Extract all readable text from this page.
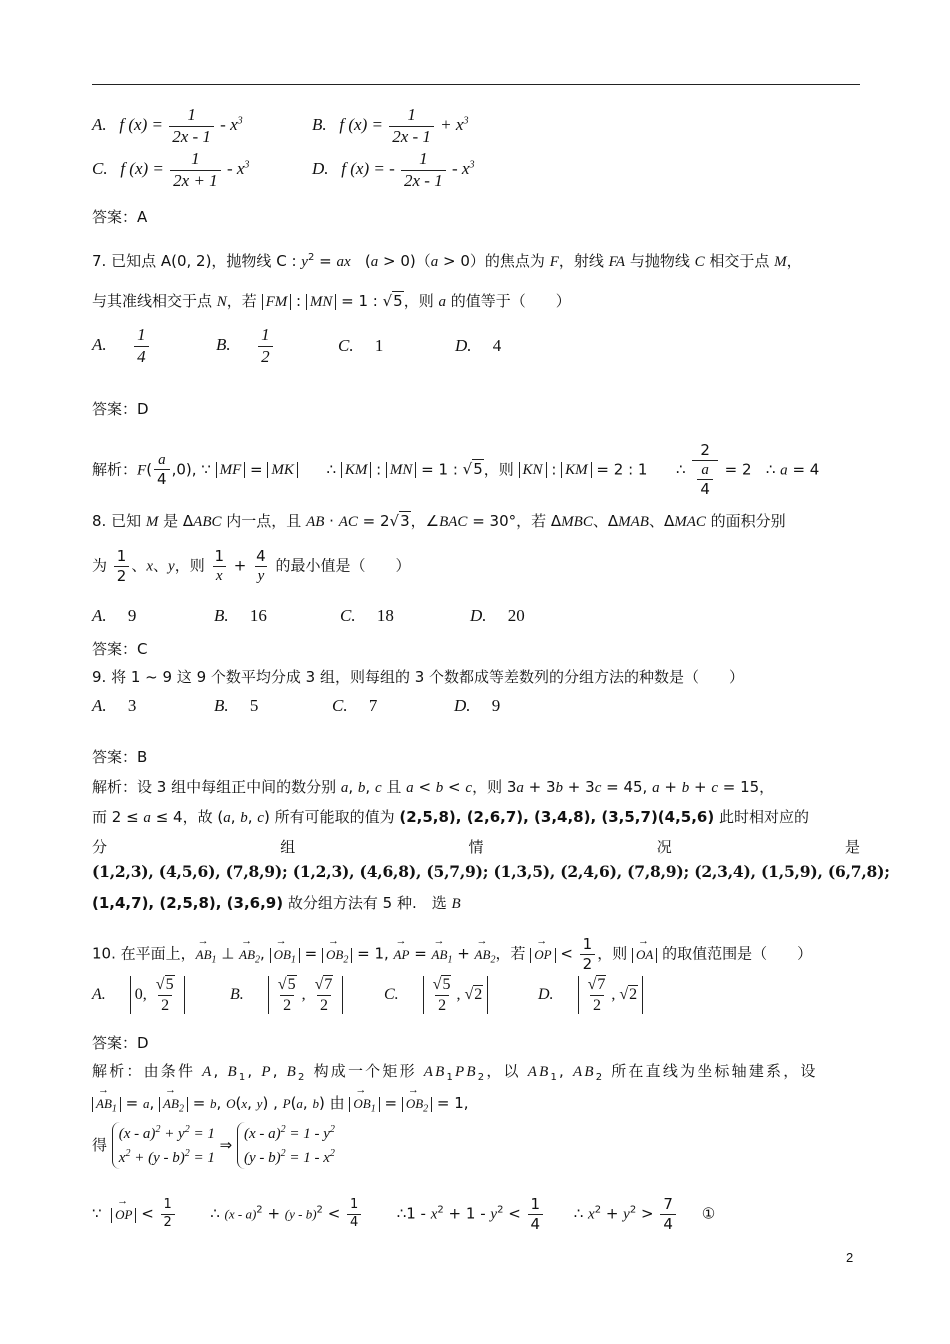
A.   f $(x) = \frac{1}{2x - 1} - x^3$	B.   f $(x) = \frac{1}{2x - 1} + x^3$
C.   f $(x) = \frac{1}{2x + 1} - x^3$	D.   f (x) = - $\frac{1}{2x - 1} - x^3$
答案：A
7. 已知点 A(0, 2)，抛物线 C : $y^2$ = ax   (a > 0)（a > 0）的焦点为 F，射线 FA 与抛物线 C 相交于点 M，
与其准线相交于点 N，若 FM : MN = 1 : √5，则 a 的值等于（　　）
A. $\frac{1}{4}$	B. $\frac{1}{2}$	C.     1	D.     4
答案：D
解析：$F( \frac{a}{4} ,0)$, ∵ MF = MK      ∴ KM : MN = 1 : √5，则 KN : KM = 2 : 1      ∴ $\frac{2}{\frac{a}{4}} = 2$   ∴ a = 4
8. 已知 M 是 ΔABC 内一点，且 AB · AC = 2√3，∠BAC = 30°，若 ΔMBC、ΔMAB、ΔMAC 的面积分别
为 $\frac{1}{2}$ 、x、y，则 $\frac{1}{x} + \frac{4}{y}$ 的最小值是（　　）
A.     9	B.     16	C.     18	D.     20
答案：C
9. 将 1 ~ 9 这 9 个数平均分成 3 组，则每组的 3 个数都成等差数列的分组方法的种数是（　　）
A.     3	B.     5	C.     7	D.     9
答案：B
解析：设 3 组中每组正中间的数分别 a, b, c 且 a < b < c，则 3a + 3b + 3c = 45, a + b + c = 15，
而 2 ≤ a ≤ 4，故 (a, b, c) 所有可能取的值为 (2,5,8), (2,6,7), (3,4,8), (3,5,7)(4,5,6) 此时相对应的
分	组	情	况	是
(1,2,3), (4,5,6), (7,8,9); (1,2,3), (4,6,8), (5,7,9); (1,3,5), (2,4,6), (7,8,9); (2,3,4), (1,5,9), (6,7,8);
(1,4,7), (2,5,8), (3,6,9) 故分组方法有 5 种.　选 B
10. 在平面上，→ $AB_1$ ⊥ → $AB_2$, → $OB_1$ = → $OB_2 = 1$, → AP = → $AB_1$ + → $AB_2$，若 → OP < $\frac{1}{2}$ ，则 → OA 的取值范围是（　　）
A.      0, $\frac{√5}{2}$	B. $\frac{√5}{2}$ , $\frac{√7}{2}$	C. $\frac{√5}{2}$ , √2	D. $\frac{√7}{2}$ , √2
答案：D
解析：由条件 A, $B_1$, P, $B_2$ 构成一个矩形 $AB_1PB_2$，以 $AB_1$, $AB_2$ 所在直线为坐标轴建系，设
→ $AB_1 = a$, → $AB_2 = b$, O(x, y) , P(a, b) 由 → $OB_1$ = → $OB_2 = 1$,
得 $(x - a)^2 + y^2 = 1$
$x^2 + (y - b)^2 = 1$ ⇒ $(x - a)^2 = 1 - y^2$
$(y - b)^2 = 1 - x^2$
∵  → OP < $\frac{1}{2}$ ∴ $(x - a)^2 + (y - b)^2 < \frac{1}{4}$ ∴1 - $x^2 + 1 - y^2 < \frac{1}{4}$ ∴ $x^2 + y^2 > \frac{7}{4}$ ①
2
